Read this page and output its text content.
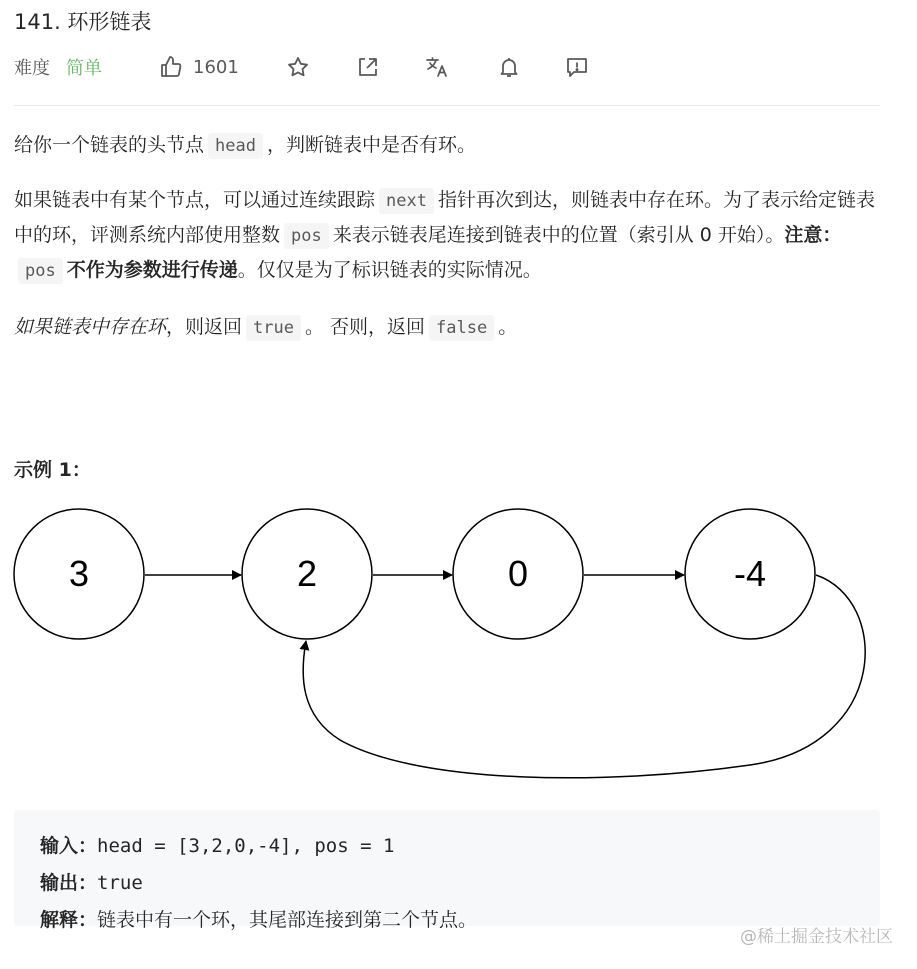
141. 环形链表
难度 简单	1601

给你一个链表的头节点 head ，判断链表中是否有环。

如果链表中有某个节点，可以通过连续跟踪 next 指针再次到达，则链表中存在环。为了表示给定链表中的环，评测系统内部使用整数 pos 来表示链表尾连接到链表中的位置（索引从 0 开始）。注意：pos 不作为参数进行传递。仅仅是为了标识链表的实际情况。

如果链表中存在环，则返回 true 。 否则，返回 false 。

示例 1：
3	2	0	-4
输入：head = [3,2,0,-4], pos = 1
输出：true
解释：链表中有一个环，其尾部连接到第二个节点。
@稀土掘金技术社区
